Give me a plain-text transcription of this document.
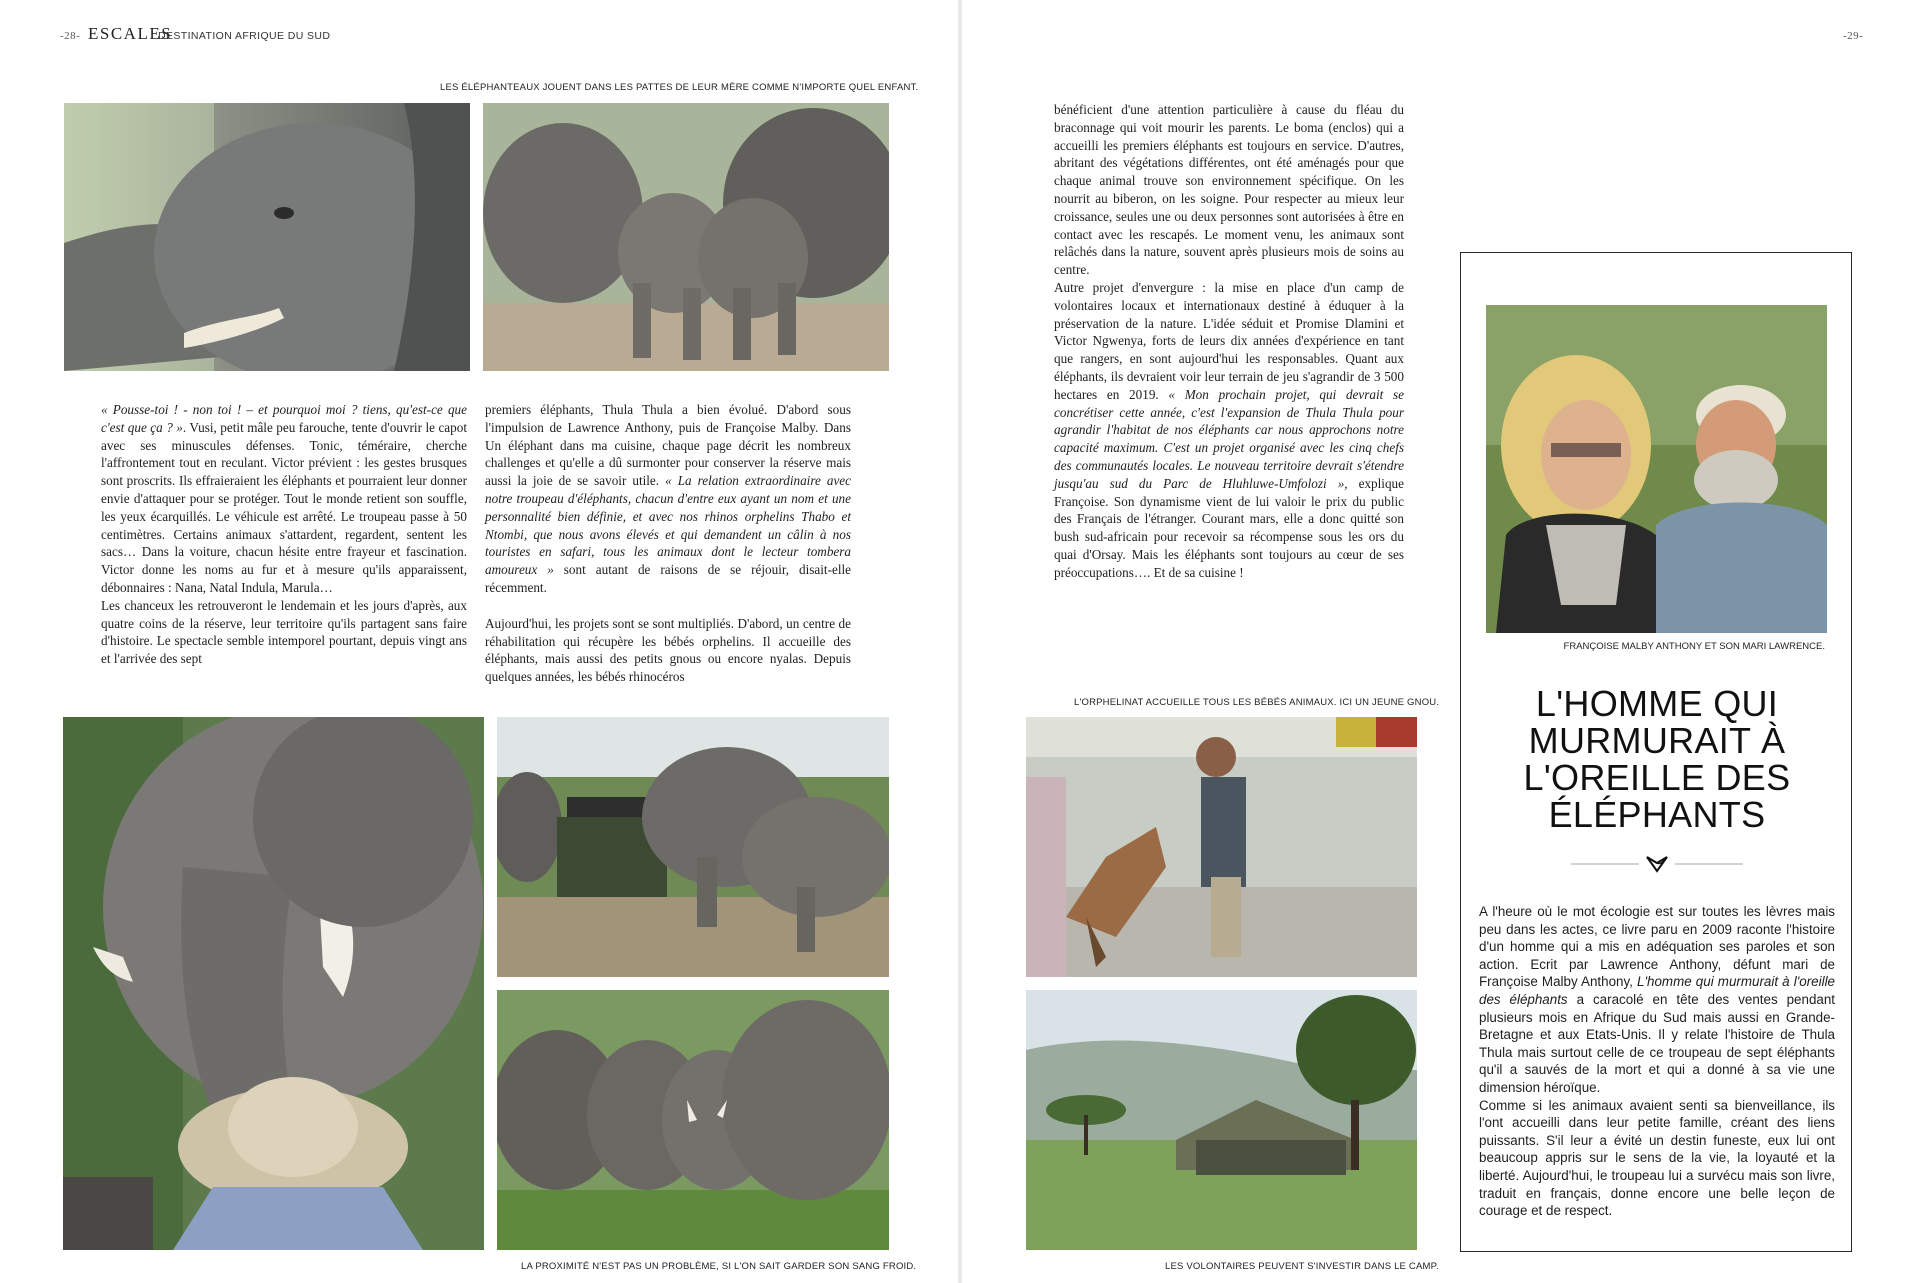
-28- ESCALES
DESTINATION AFRIQUE DU SUD	-29-
LES ÉLÉPHANTEAUX JOUENT DANS LES PATTES DE LEUR MÈRE COMME N'IMPORTE QUEL ENFANT.

« Pousse-toi ! - non toi ! – et pourquoi moi ? tiens, qu'est-ce que c'est que ça ? ». Vusi, petit mâle peu farouche, tente d'ouvrir le capot avec ses minuscules défenses. Tonic, téméraire, cherche l'affrontement tout en reculant. Victor prévient : les gestes brusques sont proscrits. Ils effraieraient les éléphants et pourraient leur donner envie d'attaquer pour se protéger. Tout le monde retient son souffle, les yeux écarquillés. Le véhicule est arrêté. Le troupeau passe à 50 centimètres. Certains animaux s'attardent, regardent, sentent les sacs… Dans la voiture, chacun hésite entre frayeur et fascination. Victor donne les noms au fur et à mesure qu'ils apparaissent, débonnaires : Nana, Natal Indula, Marula…

Les chanceux les retrouveront le lendemain et les jours d'après, aux quatre coins de la réserve, leur territoire qu'ils partagent sans faire d'histoire. Le spectacle semble intemporel pourtant, depuis vingt ans et l'arrivée des sept

premiers éléphants, Thula Thula a bien évolué. D'abord sous l'impulsion de Lawrence Anthony, puis de Françoise Malby. Dans Un éléphant dans ma cuisine, chaque page décrit les nombreux challenges et qu'elle a dû surmonter pour conserver la réserve mais aussi la joie de se savoir utile. « La relation extraordinaire avec notre troupeau d'éléphants, chacun d'entre eux ayant un nom et une personnalité bien définie, et avec nos rhinos orphelins Thabo et Ntombi, que nous avons élevés et qui demandent un câlin à nos touristes en safari, tous les animaux dont le lecteur tombera amoureux » sont autant de raisons de se réjouir, disait-elle récemment.

Aujourd'hui, les projets sont se sont multipliés. D'abord, un centre de réhabilitation qui récupère les bébés orphelins. Il accueille des éléphants, mais aussi des petits gnous ou encore nyalas. Depuis quelques années, les bébés rhinocéros

LA PROXIMITÉ N'EST PAS UN PROBLÈME, SI L'ON SAIT GARDER SON SANG FROID.

bénéficient d'une attention particulière à cause du fléau du braconnage qui voit mourir les parents. Le boma (enclos) qui a accueilli les premiers éléphants est toujours en service. D'autres, abritant des végétations différentes, ont été aménagés pour que chaque animal trouve son environnement spécifique. On les nourrit au biberon, on les soigne. Pour respecter au mieux leur croissance, seules une ou deux personnes sont autorisées à être en contact avec les rescapés. Le moment venu, les animaux sont relâchés dans la nature, souvent après plusieurs mois de soins au centre.

Autre projet d'envergure : la mise en place d'un camp de volontaires locaux et internationaux destiné à éduquer à la préservation de la nature. L'idée séduit et Promise Dlamini et Victor Ngwenya, forts de leurs dix années d'expérience en tant que rangers, en sont aujourd'hui les responsables. Quant aux éléphants, ils devraient voir leur terrain de jeu s'agrandir de 3 500 hectares en 2019. « Mon prochain projet, qui devrait se concrétiser cette année, c'est l'expansion de Thula Thula pour agrandir l'habitat de nos éléphants car nous approchons notre capacité maximum. C'est un projet organisé avec les cinq chefs des communautés locales. Le nouveau territoire devrait s'étendre jusqu'au sud du Parc de Hluhluwe-Umfolozi », explique Françoise. Son dynamisme vient de lui valoir le prix du public des Français de l'étranger. Courant mars, elle a donc quitté son bush sud-africain pour recevoir sa récompense sous les ors du quai d'Orsay. Mais les éléphants sont toujours au cœur de ses préoccupations…. Et de sa cuisine !

L'ORPHELINAT ACCUEILLE TOUS LES BÉBÉS ANIMAUX. ICI UN JEUNE GNOU.
LES VOLONTAIRES PEUVENT S'INVESTIR DANS LE CAMP.
FRANÇOISE MALBY ANTHONY ET SON MARI LAWRENCE.
L'HOMME QUI
MURMURAIT À
L'OREILLE DES
ÉLÉPHANTS

A l'heure où le mot écologie est sur toutes les lèvres mais peu dans les actes, ce livre paru en 2009 raconte l'histoire d'un homme qui a mis en adéquation ses paroles et son action. Ecrit par Lawrence Anthony, défunt mari de Françoise Malby Anthony, L'homme qui murmurait à l'oreille des éléphants a caracolé en tête des ventes pendant plusieurs mois en Afrique du Sud mais aussi en Grande-Bretagne et aux Etats-Unis. Il y relate l'histoire de Thula Thula mais surtout celle de ce troupeau de sept éléphants qu'il a sauvés de la mort et qui a donné à sa vie une dimension héroïque.

Comme si les animaux avaient senti sa bienveillance, ils l'ont accueilli dans leur petite famille, créant des liens puissants. S'il leur a évité un destin funeste, eux lui ont beaucoup appris sur le sens de la vie, la loyauté et la liberté. Aujourd'hui, le troupeau lui a survécu mais son livre, traduit en français, donne encore une belle leçon de courage et de respect.
